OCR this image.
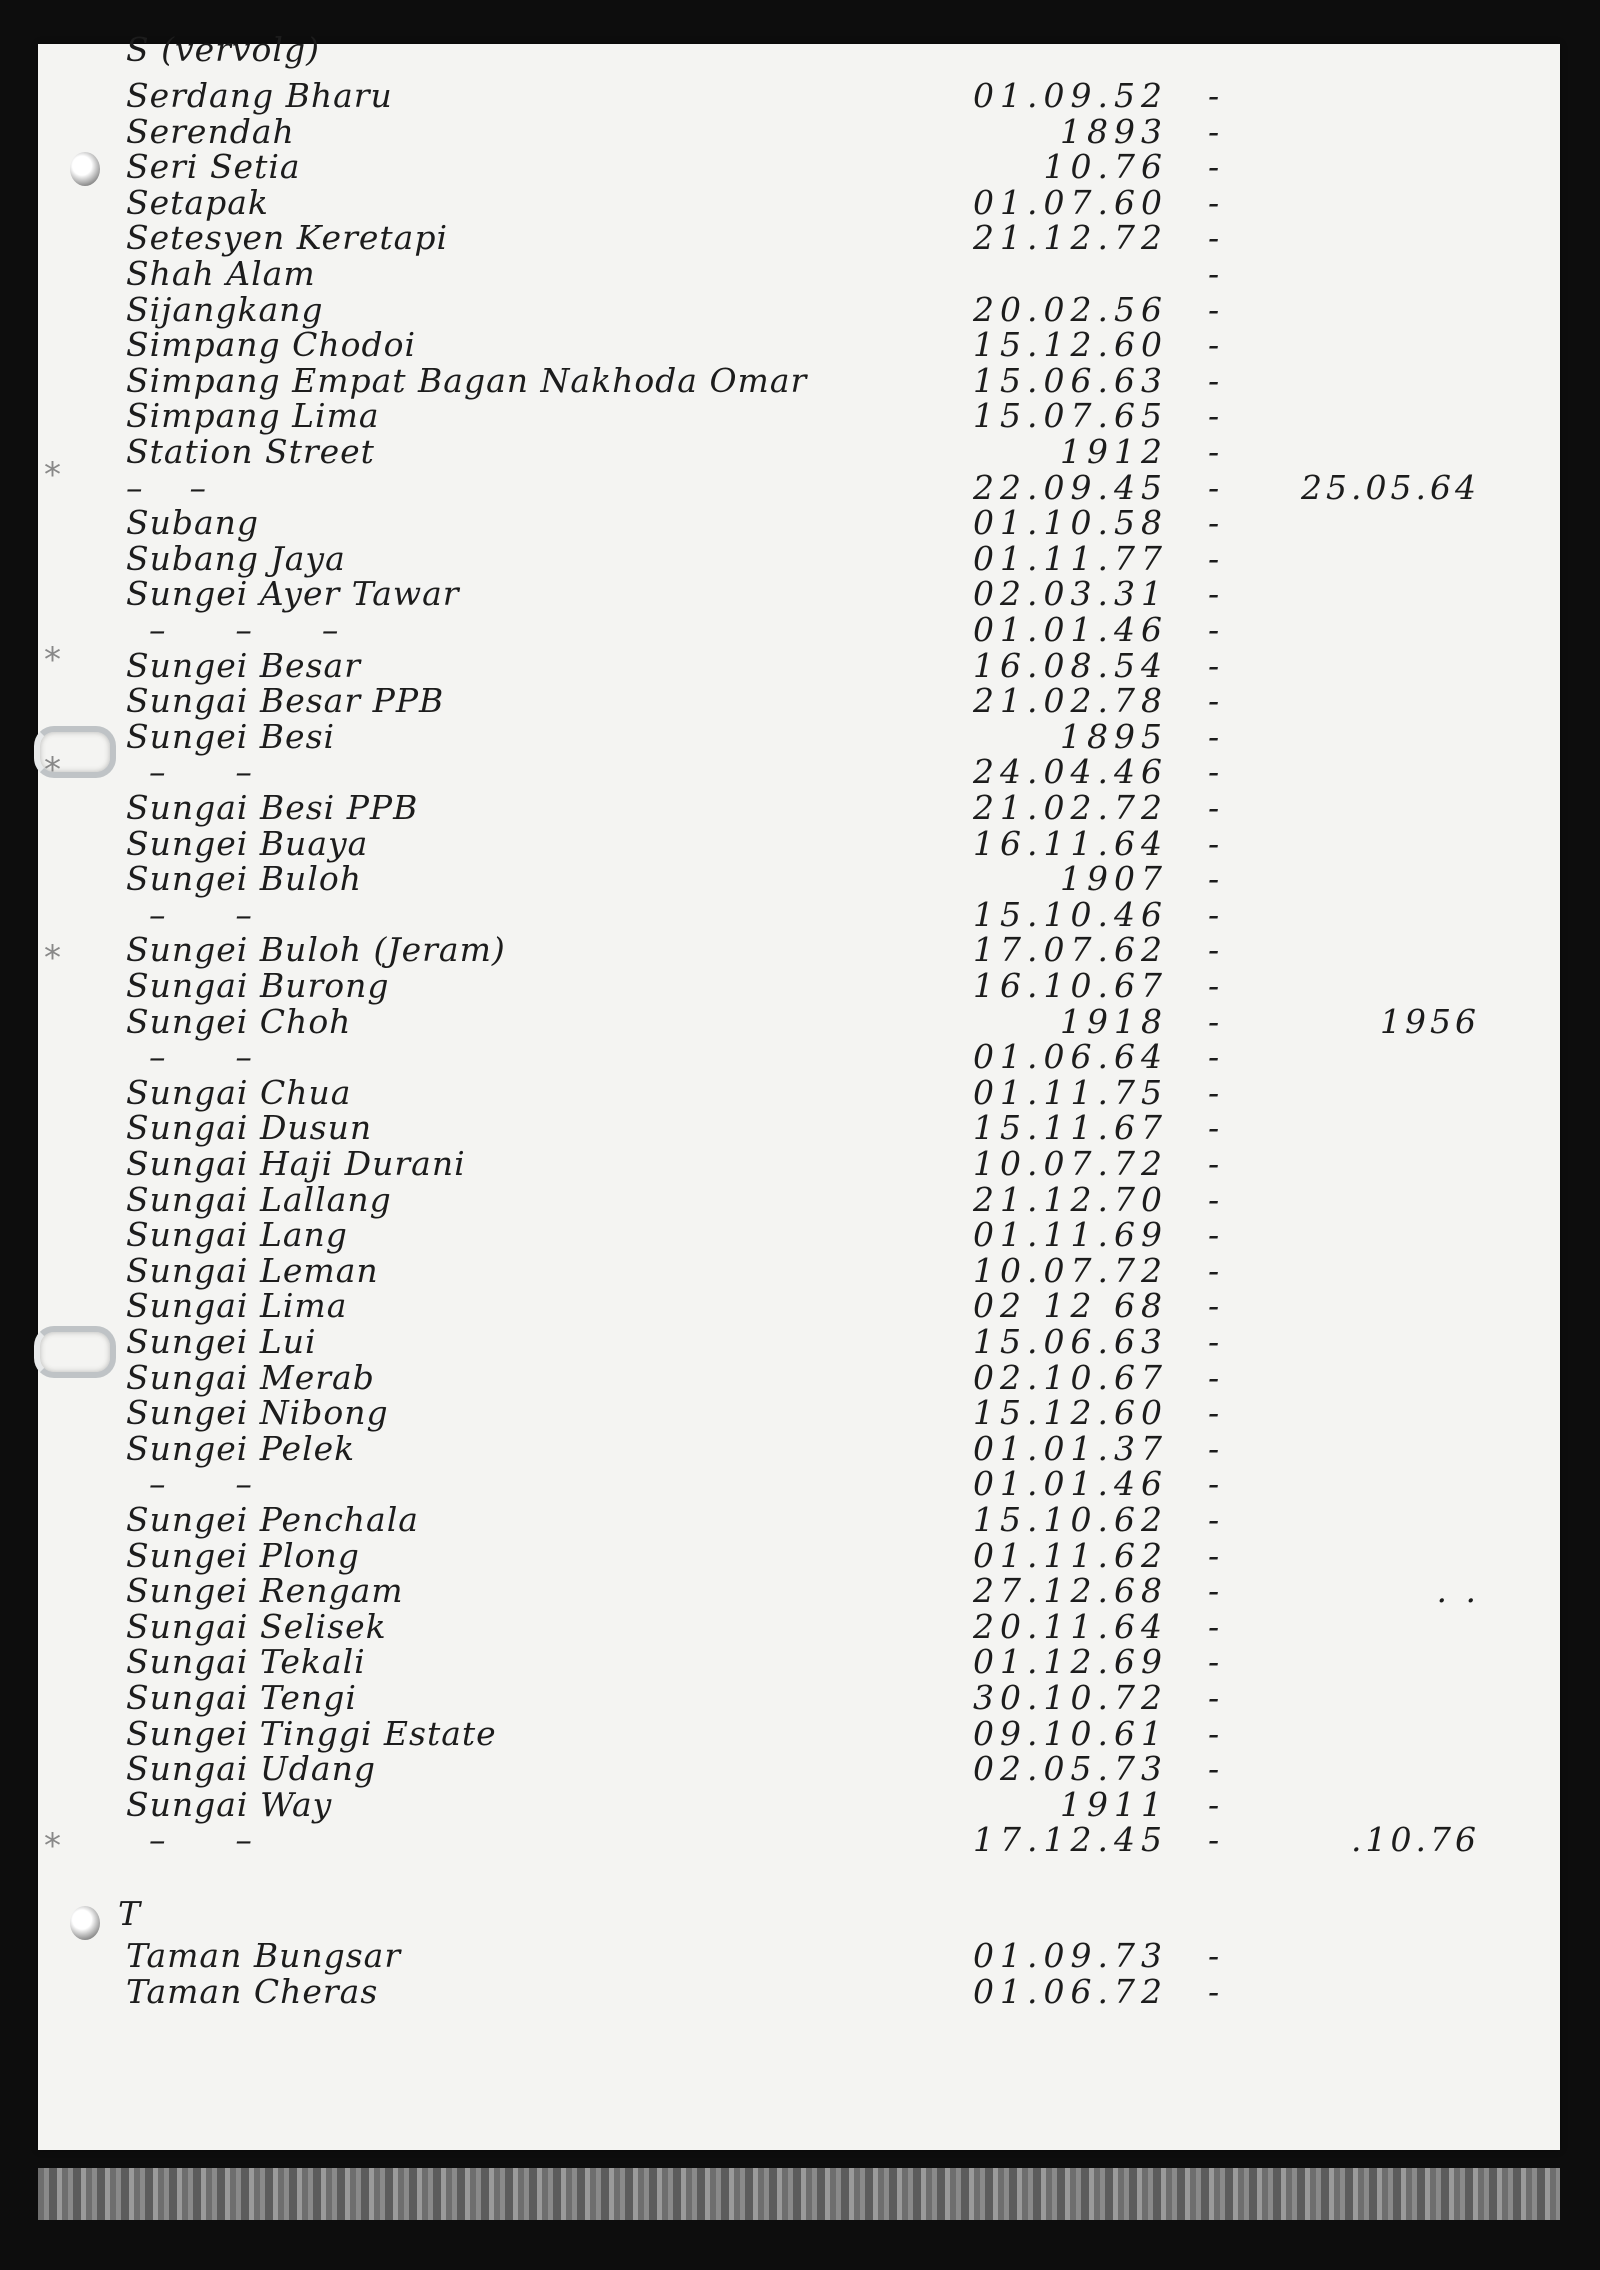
S (vervolg)
T
Serdang Bharu	01.09.52 -
Serendah	1893 -
Seri Setia	10.76 -
Setapak	01.07.60 -
Setesyen Keretapi	21.12.72 -
Shah Alam	-
Sijangkang	20.02.56 -
Simpang Chodoi	15.12.60 -
Simpang Empat Bagan Nakhoda Omar	15.06.63 -
Simpang Lima	15.07.65 -
Station Street	1912 -
–    –	22.09.45 -	25.05.64
Subang	01.10.58 -
Subang Jaya	01.11.77 -
Sungei Ayer Tawar	02.03.31 -
–      –      –	01.01.46 -
Sungei Besar	16.08.54 -
Sungai Besar PPB	21.02.78 -
Sungei Besi	1895 -
–      –	24.04.46 -
Sungai Besi PPB	21.02.72 -
Sungei Buaya	16.11.64 -
Sungei Buloh	1907 -
–      –	15.10.46 -
Sungei Buloh (Jeram)	17.07.62 -
Sungai Burong	16.10.67 -
Sungei Choh	1918 -	1956
–      –	01.06.64 -
Sungai Chua	01.11.75 -
Sungai Dusun	15.11.67 -
Sungai Haji Durani	10.07.72 -
Sungai Lallang	21.12.70 -
Sungai Lang	01.11.69 -
Sungai Leman	10.07.72 -
Sungai Lima	02 12 68 -
Sungei Lui	15.06.63 -
Sungai Merab	02.10.67 -
Sungei Nibong	15.12.60 -
Sungei Pelek	01.01.37 -
–      –	01.01.46 -
Sungei Penchala	15.10.62 -
Sungei Plong	01.11.62 -
Sungei Rengam	27.12.68 -	. .
Sungai Selisek	20.11.64 -
Sungai Tekali	01.12.69 -
Sungai Tengi	30.10.72 -
Sungei Tinggi Estate	09.10.61 -
Sungai Udang	02.05.73 -
Sungai Way	1911 -
–      –	17.12.45 -	.10.76
Taman Bungsar	01.09.73 -
Taman Cheras	01.06.72 -
*
*
*
*
*
